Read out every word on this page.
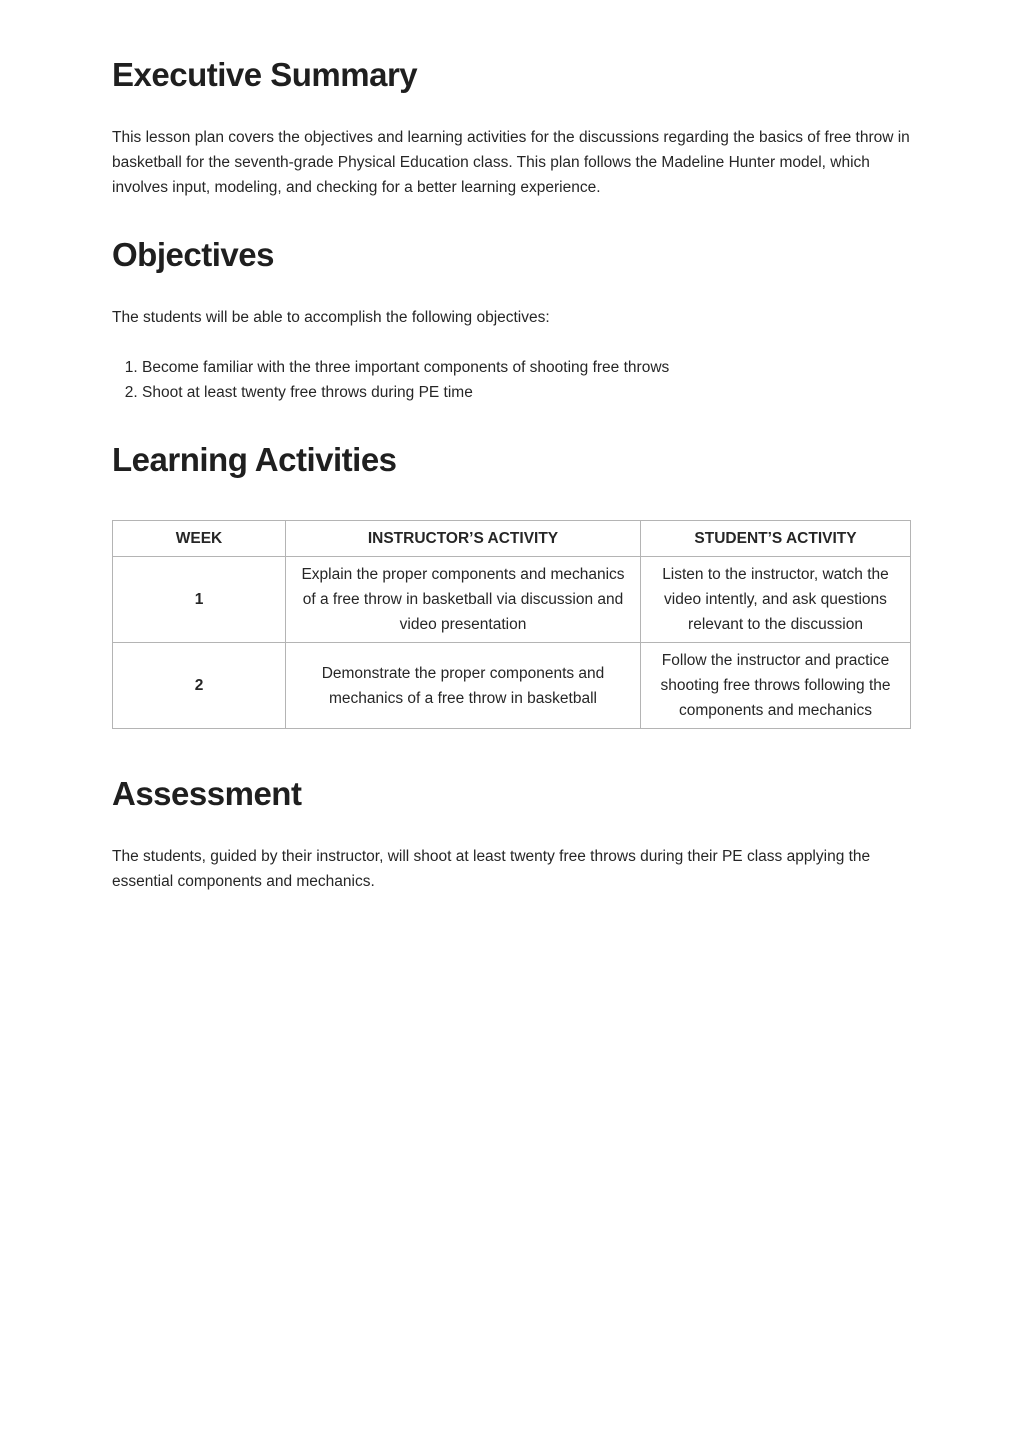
Executive Summary

This lesson plan covers the objectives and learning activities for the discussions regarding the basics of free throw in basketball for the seventh-grade Physical Education class. This plan follows the Madeline Hunter model, which involves input, modeling, and checking for a better learning experience.

Objectives

The students will be able to accomplish the following objectives:

1. Become familiar with the three important components of shooting free throws
2. Shoot at least twenty free throws during PE time
Learning Activities
WEEK	INSTRUCTOR’S ACTIVITY	STUDENT’S ACTIVITY
1	Explain the proper components and mechanics of a free throw in basketball via discussion and video presentation	Listen to the instructor, watch the video intently, and ask questions relevant to the discussion
2	Demonstrate the proper components and mechanics of a free throw in basketball	Follow the instructor and practice shooting free throws following the components and mechanics
Assessment

The students, guided by their instructor, will shoot at least twenty free throws during their PE class applying the essential components and mechanics.
